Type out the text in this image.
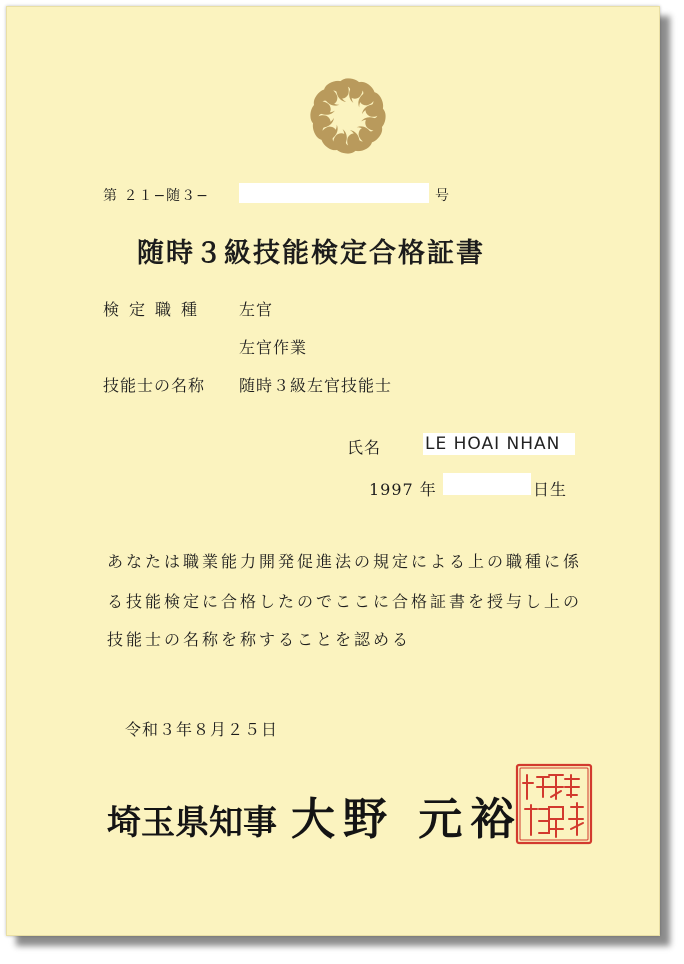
第 ２１−随３−	号
随時３級技能検定合格証書
検定職種 左官
左官作業
技能士の名称 随時３級左官技能士
氏名	LE HOAI NHAN
1997 年	日生
あなたは職業能力開発促進法の規定による上の職種に係
る技能検定に合格したのでここに合格証書を授与し上の
技能士の名称を称することを認める
令和３年８月２５日
埼玉県知事 大野 元裕
